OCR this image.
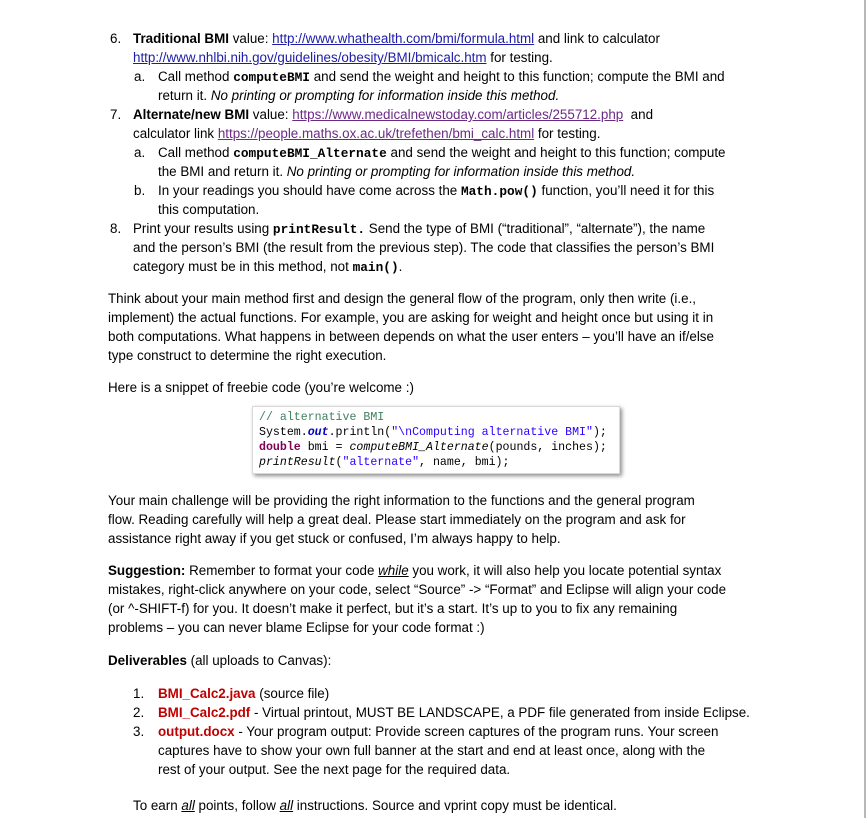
6. Traditional BMI value: http://www.whathealth.com/bmi/formula.html and link to calculator
http://www.nhlbi.nih.gov/guidelines/obesity/BMI/bmicalc.htm for testing.
a. Call method computeBMI and send the weight and height to this function; compute the BMI and
return it. No printing or prompting for information inside this method.
7. Alternate/new BMI value: https://www.medicalnewstoday.com/articles/255712.php  and
calculator link https://people.maths.ox.ac.uk/trefethen/bmi_calc.html for testing.
a. Call method computeBMI_Alternate and send the weight and height to this function; compute
the BMI and return it. No printing or prompting for information inside this method.
b. In your readings you should have come across the Math.pow() function, you’ll need it for this
this computation.
8. Print your results using printResult. Send the type of BMI (“traditional”, “alternate”), the name
and the person’s BMI (the result from the previous step). The code that classifies the person’s BMI
category must be in this method, not main().
Think about your main method first and design the general flow of the program, only then write (i.e.,
implement) the actual functions. For example, you are asking for weight and height once but using it in
both computations. What happens in between depends on what the user enters – you’ll have an if/else
type construct to determine the right execution.
Here is a snippet of freebie code (you’re welcome :)
// alternative BMI
System.out.println("\nComputing alternative BMI");
double bmi = computeBMI_Alternate(pounds, inches);
printResult("alternate", name, bmi);
Your main challenge will be providing the right information to the functions and the general program
flow. Reading carefully will help a great deal. Please start immediately on the program and ask for
assistance right away if you get stuck or confused, I’m always happy to help.
Suggestion: Remember to format your code while you work, it will also help you locate potential syntax
mistakes, right-click anywhere on your code, select “Source” -> “Format” and Eclipse will align your code
(or ^-SHIFT-f) for you. It doesn’t make it perfect, but it’s a start. It’s up to you to fix any remaining
problems – you can never blame Eclipse for your code format :)
Deliverables (all uploads to Canvas):
1.	BMI_Calc2.java (source file)
2.	BMI_Calc2.pdf - Virtual printout, MUST BE LANDSCAPE, a PDF file generated from inside Eclipse.
3.	output.docx - Your program output: Provide screen captures of the program runs. Your screen
captures have to show your own full banner at the start and end at least once, along with the
rest of your output. See the next page for the required data.
To earn all points, follow all instructions. Source and vprint copy must be identical.
